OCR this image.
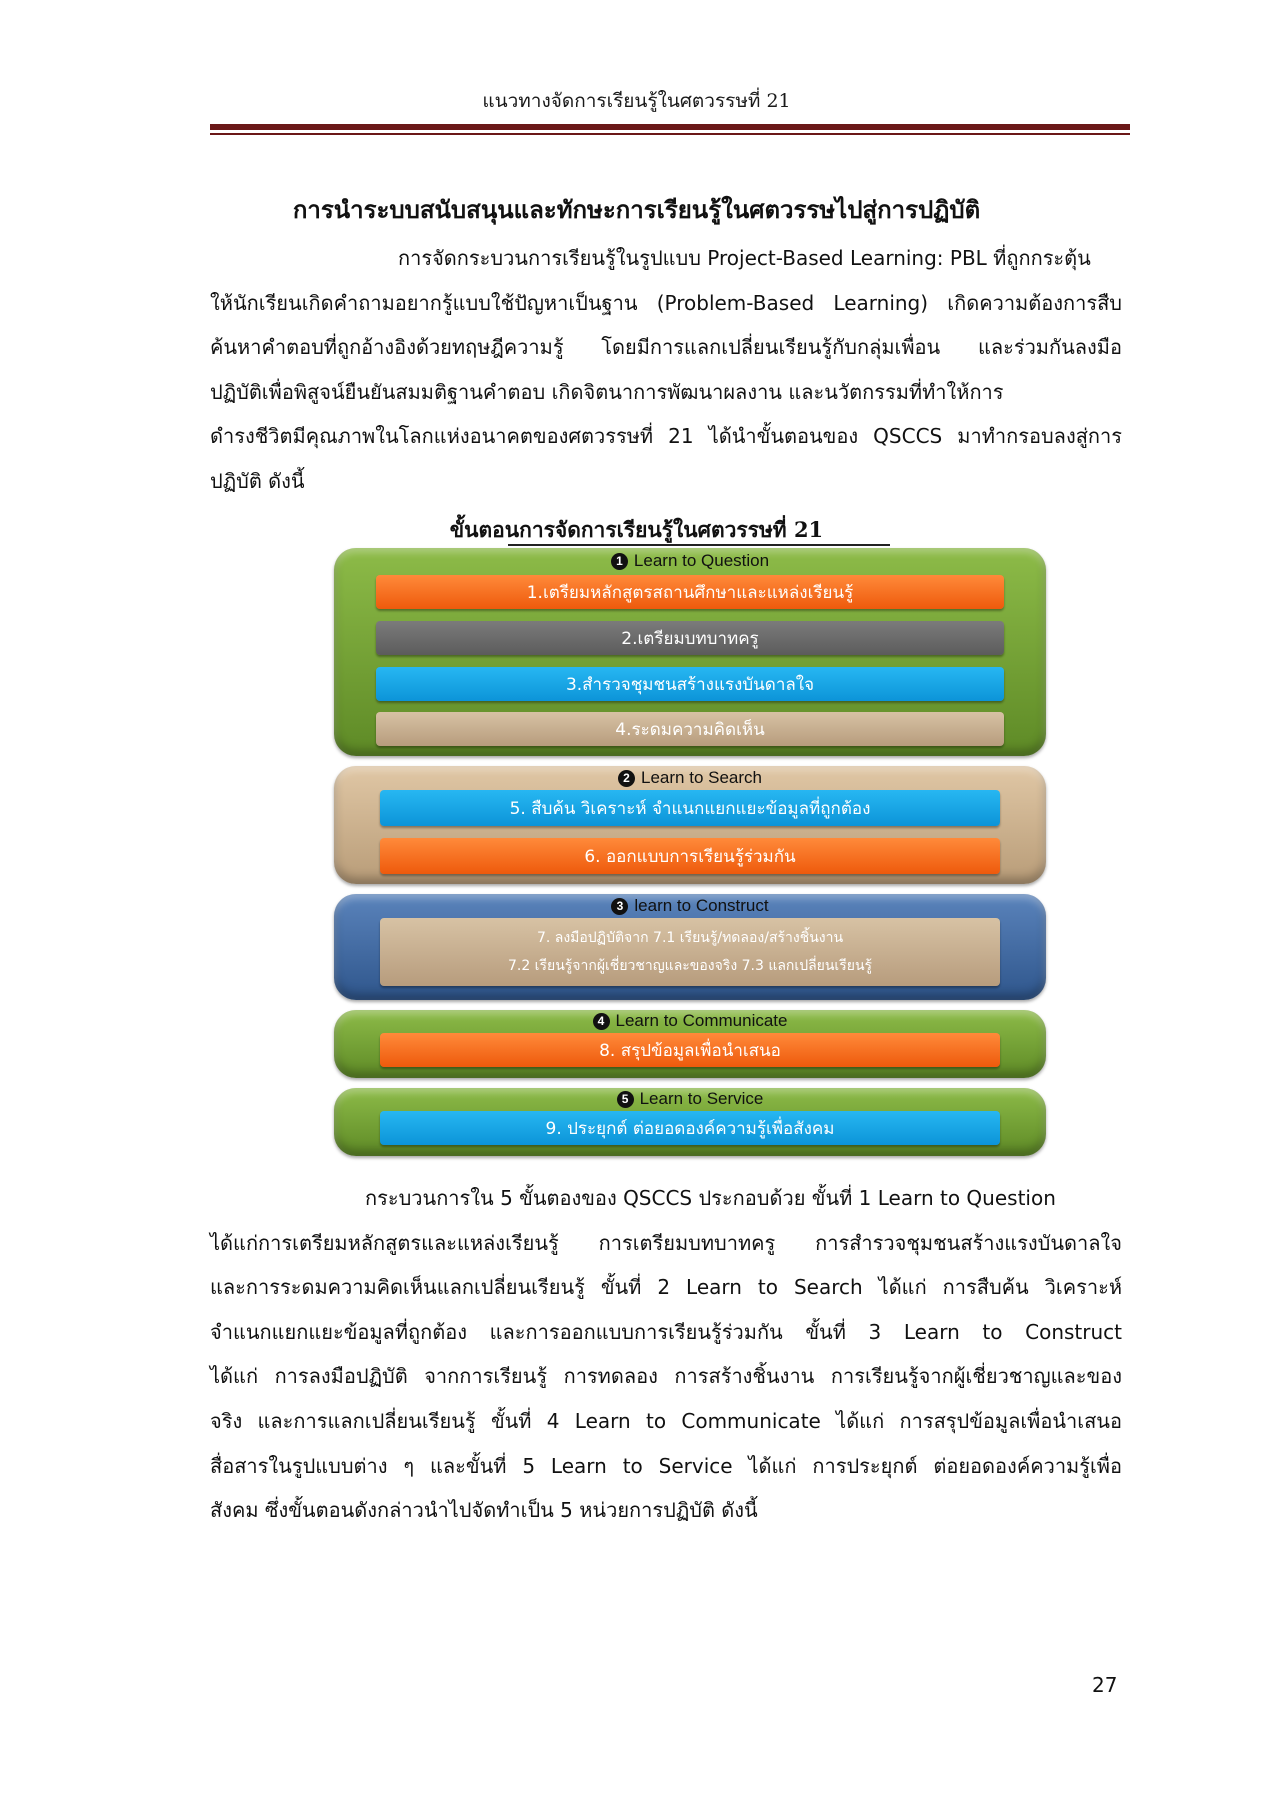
แนวทางจัดการเรียนรู้ในศตวรรษที่ 21
การนำระบบสนับสนุนและทักษะการเรียนรู้ในศตวรรษไปสู่การปฏิบัติ
การจัดกระบวนการเรียนรู้ในรูปแบบ Project-Based Learning: PBL ที่ถูกกระตุ้น
ให้นักเรียนเกิดคำถามอยากรู้แบบใช้ปัญหาเป็นฐาน (Problem-Based Learning) เกิดความต้องการสืบ
ค้นหาคำตอบที่ถูกอ้างอิงด้วยทฤษฎีความรู้ โดยมีการแลกเปลี่ยนเรียนรู้กับกลุ่มเพื่อน และร่วมกันลงมือ
ปฏิบัติเพื่อพิสูจน์ยืนยันสมมติฐานคำตอบ เกิดจิตนาการพัฒนาผลงาน และนวัตกรรมที่ทำให้การ
ดำรงชีวิตมีคุณภาพในโลกแห่งอนาคตของศตวรรษที่ 21 ได้นำขั้นตอนของ QSCCS มาทำกรอบลงสู่การ
ปฏิบัติ ดังนี้
ขั้นตอนการจัดการเรียนรู้ในศตวรรษที่ 21
1 Learn to Question
1.เตรียมหลักสูตรสถานศึกษาและแหล่งเรียนรู้
2.เตรียมบทบาทครู
3.สำรวจชุมชนสร้างแรงบันดาลใจ
4.ระดมความคิดเห็น
2 Learn to Search
5. สืบค้น วิเคราะห์ จำแนกแยกแยะข้อมูลที่ถูกต้อง
6. ออกแบบการเรียนรู้ร่วมกัน
3 learn to Construct
7. ลงมือปฏิบัติจาก 7.1 เรียนรู้/ทดลอง/สร้างชิ้นงาน
7.2 เรียนรู้จากผู้เชี่ยวชาญและของจริง 7.3 แลกเปลี่ยนเรียนรู้
4 Learn to Communicate
8. สรุปข้อมูลเพื่อนำเสนอ
5 Learn to Service
9. ประยุกต์ ต่อยอดองค์ความรู้เพื่อสังคม
กระบวนการใน 5 ขั้นตองของ QSCCS ประกอบด้วย ขั้นที่ 1 Learn to Question
ได้แก่การเตรียมหลักสูตรและแหล่งเรียนรู้ การเตรียมบทบาทครู การสำรวจชุมชนสร้างแรงบันดาลใจ
และการระดมความคิดเห็นแลกเปลี่ยนเรียนรู้ ขั้นที่ 2 Learn to Search ได้แก่ การสืบค้น วิเคราะห์
จำแนกแยกแยะข้อมูลที่ถูกต้อง และการออกแบบการเรียนรู้ร่วมกัน ขั้นที่ 3 Learn to Construct
ได้แก่ การลงมือปฏิบัติ จากการเรียนรู้ การทดลอง การสร้างชิ้นงาน การเรียนรู้จากผู้เชี่ยวชาญและของ
จริง และการแลกเปลี่ยนเรียนรู้ ขั้นที่ 4 Learn to Communicate ได้แก่ การสรุปข้อมูลเพื่อนำเสนอ
สื่อสารในรูปแบบต่าง ๆ และขั้นที่ 5 Learn to Service ได้แก่ การประยุกต์ ต่อยอดองค์ความรู้เพื่อ
สังคม ซึ่งขั้นตอนดังกล่าวนำไปจัดทำเป็น 5 หน่วยการปฏิบัติ ดังนี้
27
